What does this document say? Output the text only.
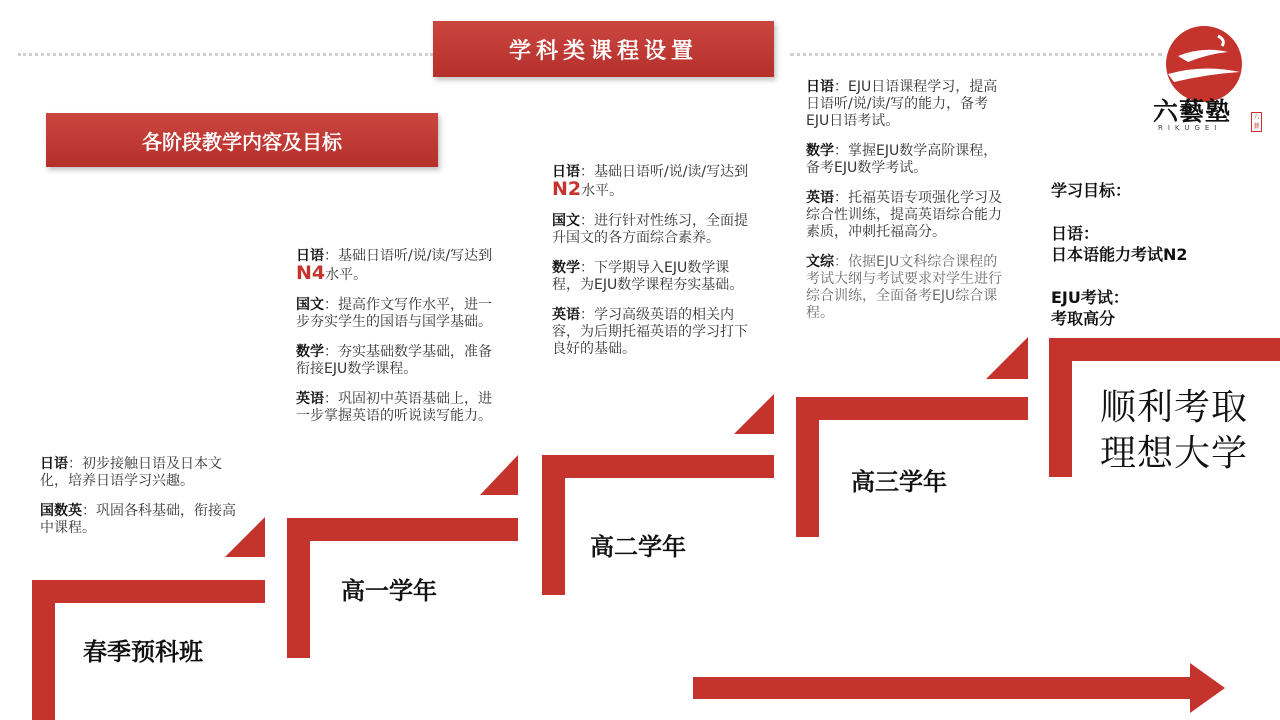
学科类课程设置
各阶段教学内容及目标
六藝塾
RIKUGEI
六藝
春季预科班
高一学年
高二学年
高三学年

日语：初步接触日语及日本文化，培养日语学习兴趣。

国数英：巩固各科基础，衔接高中课程。

日语：基础日语听/说/读/写达到N4水平。

国文：提高作文写作水平，进一步夯实学生的国语与国学基础。

数学：夯实基础数学基础，准备衔接EJU数学课程。

英语：巩固初中英语基础上，进一步掌握英语的听说读写能力。

日语：基础日语听/说/读/写达到N2水平。

国文：进行针对性练习，全面提升国文的各方面综合素养。

数学：下学期导入EJU数学课程，为EJU数学课程夯实基础。

英语：学习高级英语的相关内容，为后期托福英语的学习打下良好的基础。

日语：EJU日语课程学习，提高日语听/说/读/写的能力，备考EJU日语考试。

数学：掌握EJU数学高阶课程，备考EJU数学考试。

英语：托福英语专项强化学习及综合性训练，提高英语综合能力素质，冲刺托福高分。

文综：依据EJU文科综合课程的考试大纲与考试要求对学生进行综合训练，全面备考EJU综合课程。

学习目标：
日语：
日本语能力考试N2
EJU考试：
考取高分
顺利考取
理想大学
